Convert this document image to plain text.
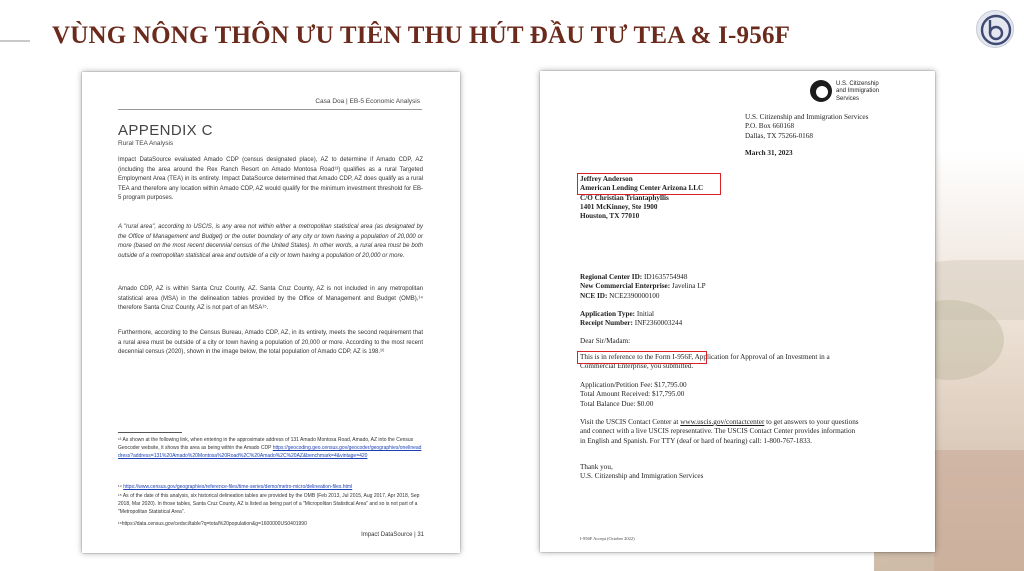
VÙNG NÔNG THÔN ƯU TIÊN THU HÚT ĐẦU TƯ TEA & I-956F
Casa Doa | EB-5 Economic Analysis
APPENDIX C
Rural TEA Analysis
Impact DataSource evaluated Amado CDP (census designated place), AZ to determine if Amado CDP, AZ (including the area around the Rex Ranch Resort on Amado Montosa Road¹³) qualifies as a rural Targeted Employment Area (TEA) in its entirety. Impact DataSource determined that Amado CDP, AZ does qualify as a rural TEA and therefore any location within Amado CDP, AZ would qualify for the minimum investment threshold for EB-5 program purposes.
A "rural area", according to USCIS, is any area not within either a metropolitan statistical area (as designated by the Office of Management and Budget) or the outer boundary of any city or town having a population of 20,000 or more (based on the most recent decennial census of the United States). In other words, a rural area must be both outside of a metropolitan statistical area and outside of a city or town having a population of 20,000 or more.
Amado CDP, AZ is within Santa Cruz County, AZ. Santa Cruz County, AZ is not included in any metropolitan statistical area (MSA) in the delineation tables provided by the Office of Management and Budget (OMB),¹⁴ therefore Santa Cruz County, AZ is not part of an MSA¹⁵.
Furthermore, according to the Census Bureau, Amado CDP, AZ, in its entirety, meets the second requirement that a rural area must be outside of a city or town having a population of 20,000 or more. According to the most recent decennial census (2020), shown in the image below, the total population of Amado CDP, AZ is 198.¹⁶
¹³ As shown at the following link, when entering in the approximate address of 131 Amado Montosa Road, Amado, AZ into the Census Geocoder website, it shows this area as being within the Amado CDP https://geocoding.geo.census.gov/geocoder/geographies/onelineaddress?address=131%20Amado%20Montosa%20Road%2C%20Amado%2C%20AZ&benchmark=4&vintage=420
¹⁴ https://www.census.gov/geographies/reference-files/time-series/demo/metro-micro/delineation-files.html
¹⁵ As of the date of this analysis, six historical delineation tables are provided by the OMB (Feb 2013, Jul 2015, Aug 2017, Apr 2018, Sep 2018, Mar 2020). In those tables, Santa Cruz County, AZ is listed as being part of a "Micropolitan Statistical Area" and so is not part of a "Metropolitan Statistical Area".
¹⁶https://data.census.gov/cedsci/table?q=total%20population&g=1600000US0401990
Impact DataSource | 31
U.S. Citizenship
and Immigration
Services
U.S. Citizenship and Immigration Services
P.O. Box 660168
Dallas, TX 75266-0168
March 31, 2023
Jeffrey Anderson
American Lending Center Arizona LLC
C/O Christian Triantaphyllis
1401 McKinney, Ste 1900
Houston, TX 77010
Regional Center ID: ID1635754948
New Commercial Enterprise: Javelina LP
NCE ID: NCE2390000100
Application Type: Initial
Receipt Number: INF2360003244
Dear Sir/Madam:
This is in reference to the Form I-956F, Application for Approval of an Investment in a
Commercial Enterprise, you submitted.
Application/Petition Fee: $17,795.00
Total Amount Received: $17,795.00
Total Balance Due: $0.00
Visit the USCIS Contact Center at www.uscis.gov/contactcenter to get answers to your questions
and connect with a live USCIS representative. The USCIS Contact Center provides information
in English and Spanish. For TTY (deaf or hard of hearing) call: 1-800-767-1833.
Thank you,
U.S. Citizenship and Immigration Services
I-956F Accept (October 2022)
